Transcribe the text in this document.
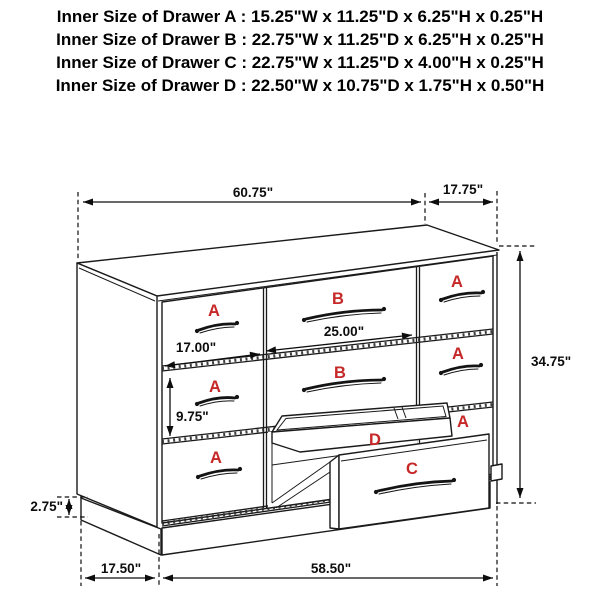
Inner Size of Drawer A : 15.25"W x 11.25"D x 6.25"H x 0.25"H
Inner Size of Drawer B : 22.75"W x 11.25"D x 6.25"H x 0.25"H
Inner Size of Drawer C : 22.75"W x 11.25"D x 4.00"H x 0.25"H
Inner Size of Drawer D : 22.50"W x 10.75"D x 1.75"H x 0.50"H
60.75"	17.75"
34.75"
17.00"
25.00"
9.75"
2.75"
17.50"	58.50"
A
B
A
A
B
A
A
A
D
C
